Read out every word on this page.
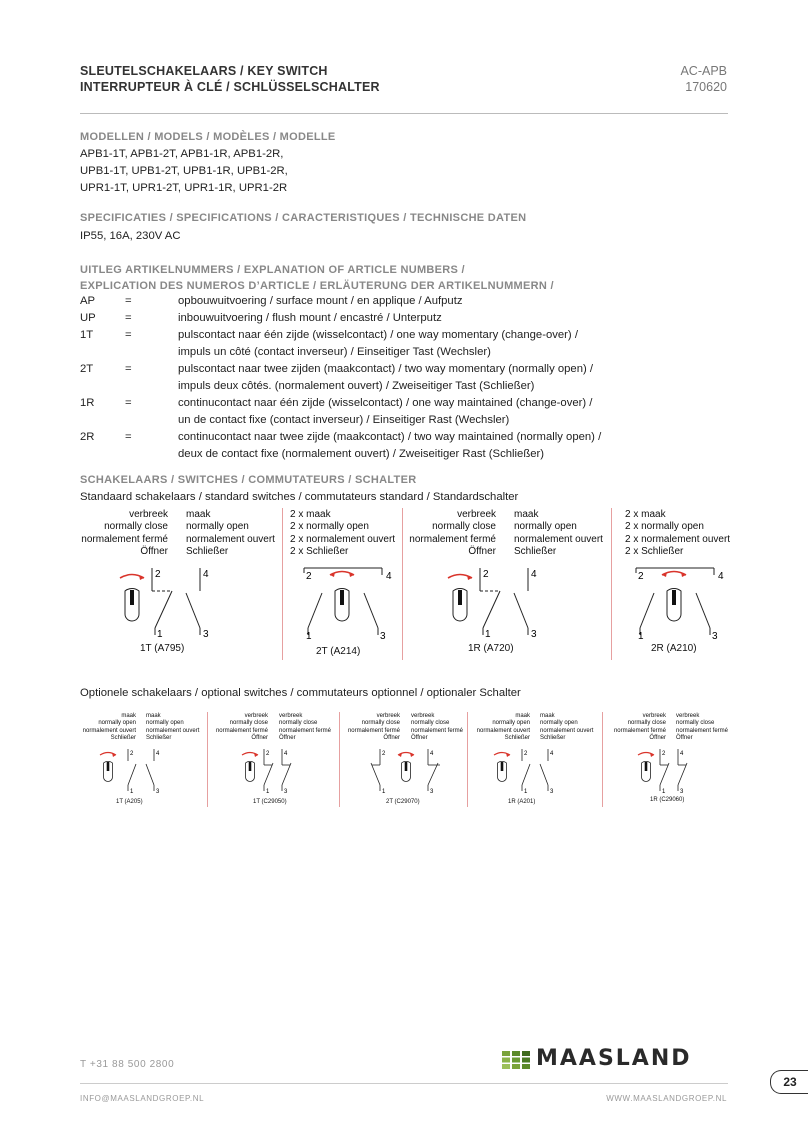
SLEUTELSCHAKELAARS / KEY SWITCH
INTERRUPTEUR À CLÉ / SCHLÜSSELSCHALTER
AC-APB
170620
MODELLEN / MODELS / MODÈLES / MODELLE
APB1-1T, APB1-2T, APB1-1R, APB1-2R,
UPB1-1T, UPB1-2T, UPB1-1R, UPB1-2R,
UPR1-1T, UPR1-2T, UPR1-1R, UPR1-2R
SPECIFICATIES / SPECIFICATIONS / CARACTERISTIQUES / TECHNISCHE DATEN
IP55, 16A, 230V AC
UITLEG ARTIKELNUMMERS / EXPLANATION OF ARTICLE NUMBERS /
EXPLICATION DES NUMEROS D’ARTICLE / ERLÄUTERUNG DER ARTIKELNUMMERN /
AP	=	opbouwuitvoering / surface mount / en applique / Aufputz
UP	=	inbouwuitvoering / flush mount / encastré / Unterputz
1T	=	pulscontact naar één zijde (wisselcontact) / one way momentary (change-over) /
impuls un côté (contact inverseur) / Einseitiger Tast (Wechsler)
2T	=	pulscontact naar twee zijden (maakcontact) / two way momentary (normally open) /
impuls deux côtés. (normalement ouvert) / Zweiseitiger Tast (Schließer)
1R	=	continucontact naar één zijde (wisselcontact) / one way maintained (change-over) /
un de contact fixe (contact inverseur) / Einseitiger Rast (Wechsler)
2R	=	continucontact naar twee zijde (maakcontact) / two way maintained (normally open) /
deux de contact fixe (normalement ouvert) / Zweiseitiger Rast (Schließer)
SCHAKELAARS / SWITCHES / COMMUTATEURS / SCHALTER
Standaard schakelaars / standard switches / commutateurs standard / Standardschalter
verbreek
normally close
normalement fermé
Öffner
maak
normally open
normalement ouvert
Schließer
2	4
1	3
1T (A795)
2 x maak
2 x normally open
2 x normalement ouvert
2 x Schließer
2	4
1	3
2T (A214)
verbreek
normally close
normalement fermé
Öffner
maak
normally open
normalement ouvert
Schließer
2	4
1	3
1R (A720)
2 x maak
2 x normally open
2 x normalement ouvert
2 x Schließer
2	4
1	3
2R (A210)
Optionele schakelaars / optional switches / commutateurs optionnel / optionaler Schalter
maak
normally open
normalement ouvert
Schließer
maak
normally open
normalement ouvert
Schließer
2	4
1	3
1T (A205)
verbreek
normally close
normalement fermé
Öffner
verbreek
normally close
normalement fermé
Öffner
2 4
1 3
1T (C29050)
verbreek
normally close
normalement fermé
Öffner
verbreek
normally close
normalement fermé
Öffner
2	4
1	3
2T (C29070)
maak
normally open
normalement ouvert
Schließer
maak
normally open
normalement ouvert
Schließer
2	4
1	3
1R (A201)
verbreek
normally close
normalement fermé
Öffner
verbreek
normally close
normalement fermé
Öffner
2 4
1 3
1R (C29060)
T +31 88 500 2800	MAASLAND
23
INFO@MAASLANDGROEP.NL	WWW.MAASLANDGROEP.NL
